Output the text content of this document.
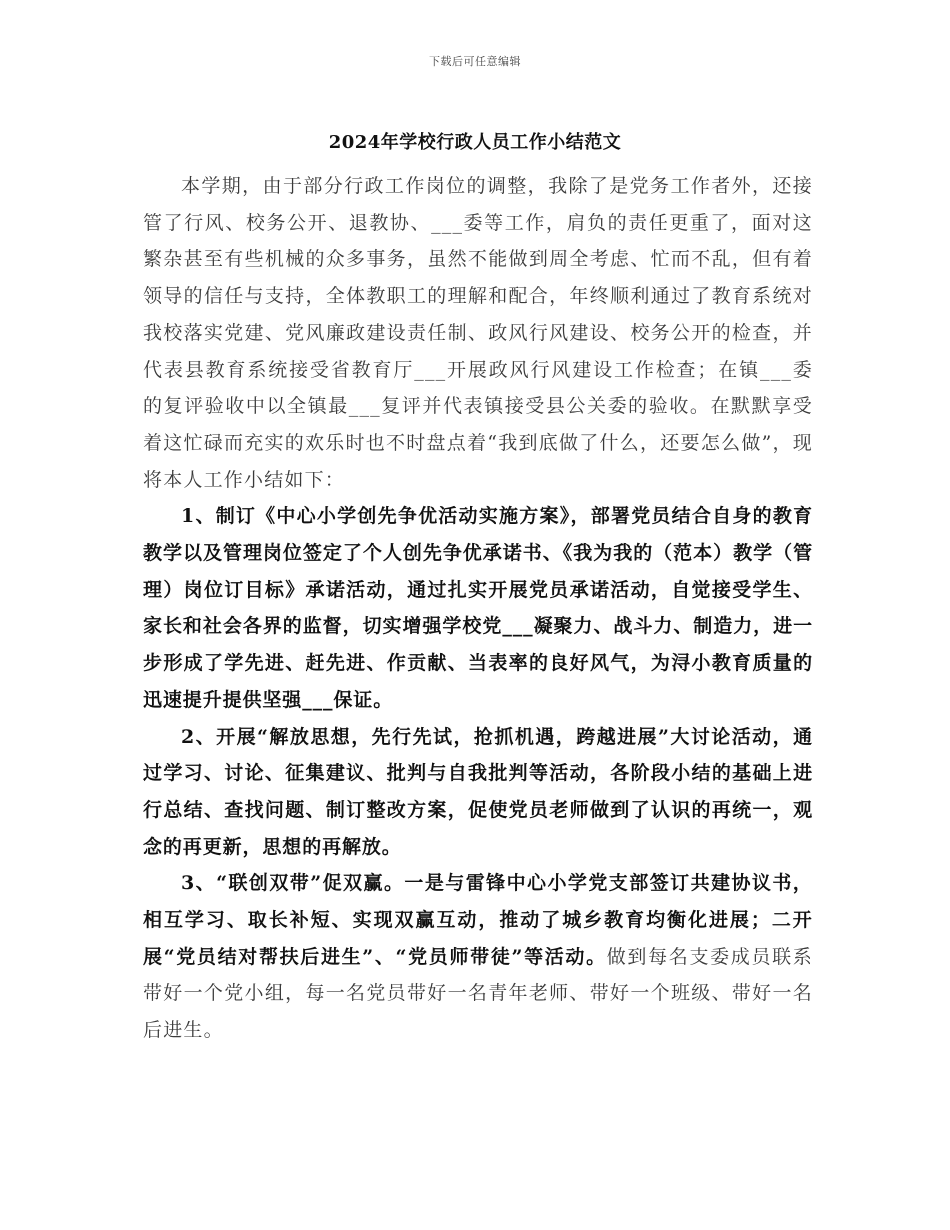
下载后可任意编辑
2024年学校行政人员工作小结范文

本学期，由于部分行政工作岗位的调整，我除了是党务工作者外，还接管了行风、校务公开、退教协、___委等工作，肩负的责任更重了，面对这繁杂甚至有些机械的众多事务，虽然不能做到周全考虑、忙而不乱，但有着领导的信任与支持，全体教职工的理解和配合，年终顺利通过了教育系统对我校落实党建、党风廉政建设责任制、政风行风建设、校务公开的检查，并代表县教育系统接受省教育厅___开展政风行风建设工作检查；在镇___委的复评验收中以全镇最___复评并代表镇接受县公关委的验收。在默默享受着这忙碌而充实的欢乐时也不时盘点着“我到底做了什么，还要怎么做”，现将本人工作小结如下：

1、制订《中心小学创先争优活动实施方案》，部署党员结合自身的教育教学以及管理岗位签定了个人创先争优承诺书、《我为我的（范本）教学（管理）岗位订目标》承诺活动，通过扎实开展党员承诺活动，自觉接受学生、家长和社会各界的监督，切实增强学校党___凝聚力、战斗力、制造力，进一步形成了学先进、赶先进、作贡献、当表率的良好风气，为浔小教育质量的迅速提升提供坚强___保证。

2、开展“解放思想，先行先试，抢抓机遇，跨越进展”大讨论活动，通过学习、讨论、征集建议、批判与自我批判等活动，各阶段小结的基础上进行总结、查找问题、制订整改方案，促使党员老师做到了认识的再统一，观念的再更新，思想的再解放。

3、“联创双带”促双赢。一是与雷锋中心小学党支部签订共建协议书，相互学习、取长补短、实现双赢互动，推动了城乡教育均衡化进展；二开展“党员结对帮扶后进生”、“党员师带徒”等活动。做到每名支委成员联系带好一个党小组，每一名党员带好一名青年老师、带好一个班级、带好一名后进生。
